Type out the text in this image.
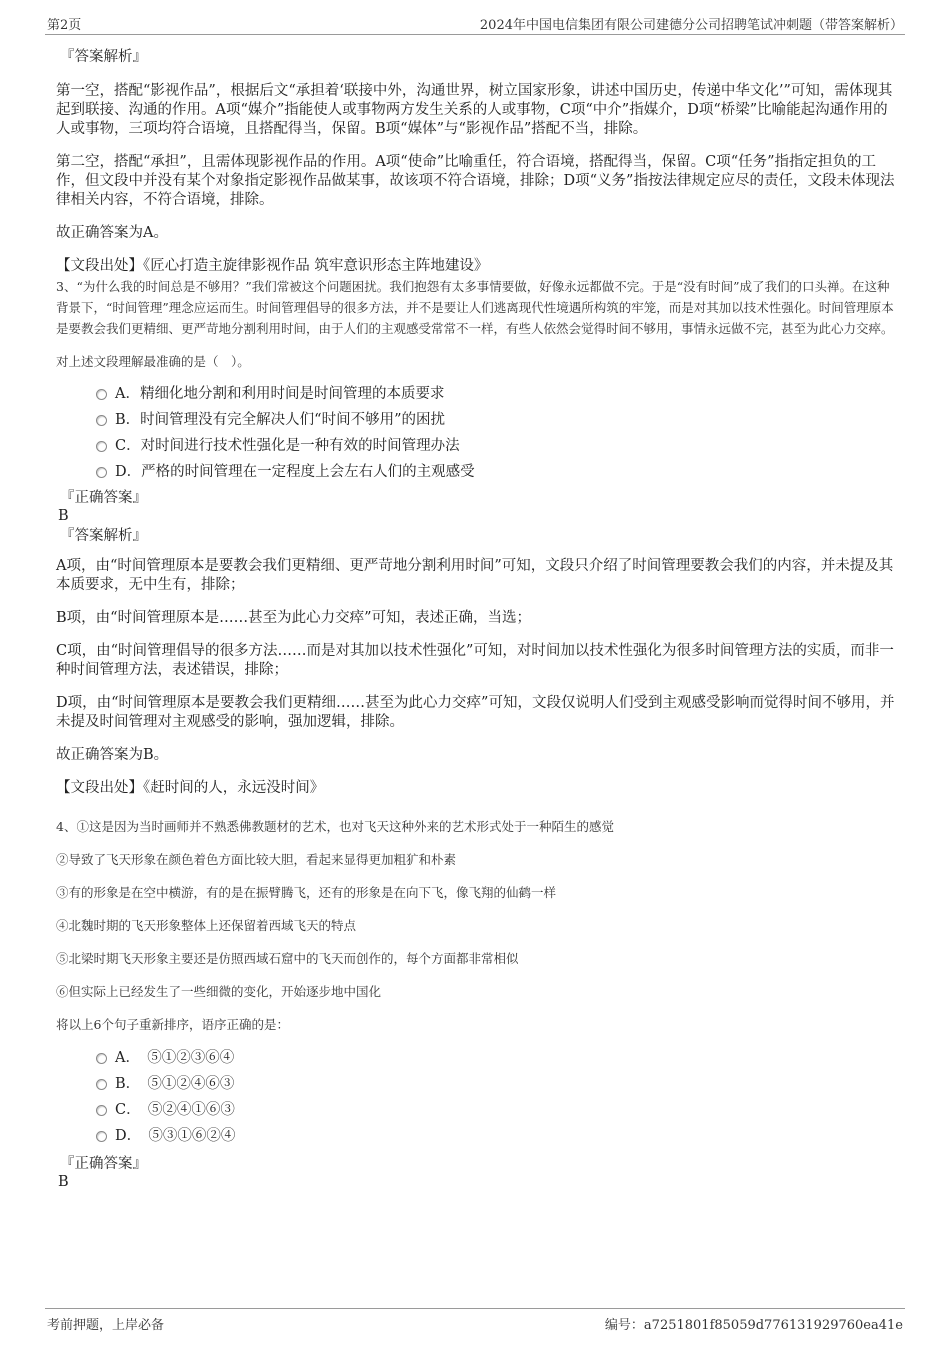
第2页	2024年中国电信集团有限公司建德分公司招聘笔试冲刺题（带答案解析）
『答案解析』

第一空，搭配“影视作品”，根据后文“承担着‘联接中外，沟通世界，树立国家形象，讲述中国历史，传递中华文化’”可知，需体现其起到联接、沟通的作用。A项“媒介”指能使人或事物两方发生关系的人或事物，C项“中介”指媒介，D项“桥梁”比喻能起沟通作用的人或事物，三项均符合语境，且搭配得当，保留。B项“媒体”与“影视作品”搭配不当，排除。

第二空，搭配“承担”，且需体现影视作品的作用。A项“使命”比喻重任，符合语境，搭配得当，保留。C项“任务”指指定担负的工作，但文段中并没有某个对象指定影视作品做某事，故该项不符合语境，排除；D项“义务”指按法律规定应尽的责任，文段未体现法律相关内容，不符合语境，排除。

故正确答案为A。

【文段出处】《匠心打造主旋律影视作品 筑牢意识形态主阵地建设》

3、“为什么我的时间总是不够用？”我们常被这个问题困扰。我们抱怨有太多事情要做，好像永远都做不完。于是“没有时间”成了我们的口头禅。在这种背景下，“时间管理”理念应运而生。时间管理倡导的很多方法，并不是要让人们逃离现代性境遇所构筑的牢笼，而是对其加以技术性强化。时间管理原本是要教会我们更精细、更严苛地分割利用时间，由于人们的主观感受常常不一样，有些人依然会觉得时间不够用，事情永远做不完，甚至为此心力交瘁。

对上述文段理解最准确的是（　）。

A．精细化地分割和利用时间是时间管理的本质要求
B．时间管理没有完全解决人们“时间不够用”的困扰
C．对时间进行技术性强化是一种有效的时间管理办法
D．严格的时间管理在一定程度上会左右人们的主观感受
『正确答案』
B
『答案解析』

A项，由“时间管理原本是要教会我们更精细、更严苛地分割利用时间”可知，文段只介绍了时间管理要教会我们的内容，并未提及其本质要求，无中生有，排除；

B项，由“时间管理原本是……甚至为此心力交瘁”可知，表述正确，当选；

C项，由“时间管理倡导的很多方法……而是对其加以技术性强化”可知，对时间加以技术性强化为很多时间管理方法的实质，而非一种时间管理方法，表述错误，排除；

D项，由“时间管理原本是要教会我们更精细……甚至为此心力交瘁”可知，文段仅说明人们受到主观感受影响而觉得时间不够用，并未提及时间管理对主观感受的影响，强加逻辑，排除。

故正确答案为B。

【文段出处】《赶时间的人，永远没时间》

4、①这是因为当时画师并不熟悉佛教题材的艺术，也对飞天这种外来的艺术形式处于一种陌生的感觉

②导致了飞天形象在颜色着色方面比较大胆，看起来显得更加粗犷和朴素

③有的形象是在空中横游，有的是在振臂腾飞，还有的形象是在向下飞，像飞翔的仙鹤一样

④北魏时期的飞天形象整体上还保留着西域飞天的特点

⑤北梁时期飞天形象主要还是仿照西域石窟中的飞天而创作的，每个方面都非常相似

⑥但实际上已经发生了一些细微的变化，开始逐步地中国化

将以上6个句子重新排序，语序正确的是：

A．　⑤①②③⑥④
B．　⑤①②④⑥③
C．　⑤②④①⑥③
D．　⑤③①⑥②④
『正确答案』
B
考前押题，上岸必备	编号：a7251801f85059d776131929760ea41e
